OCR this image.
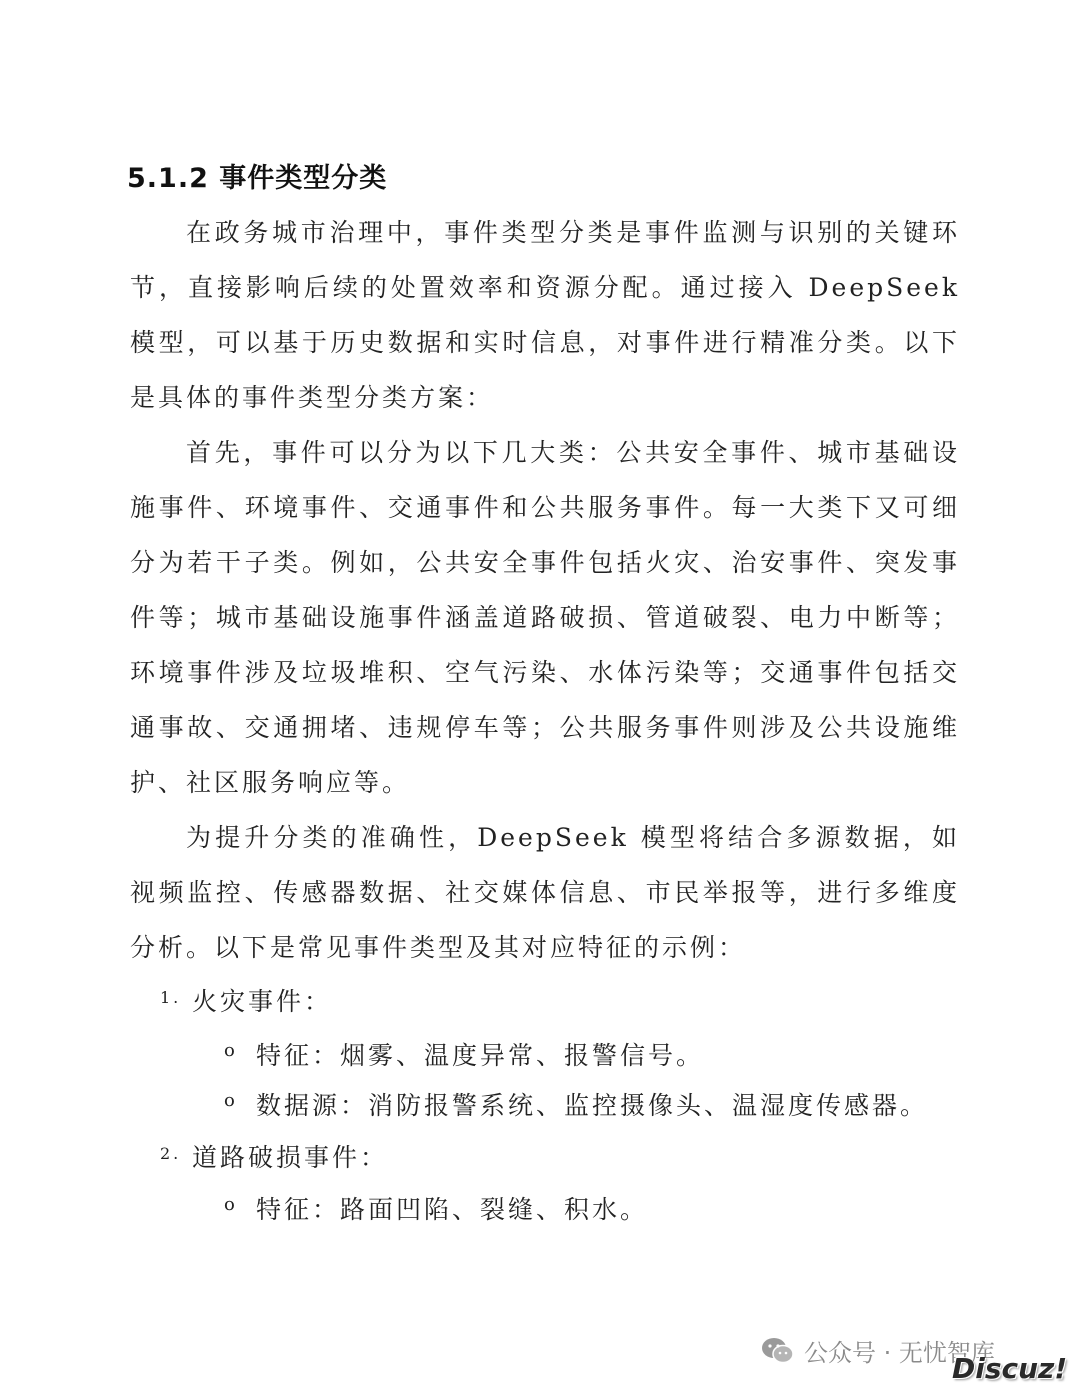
5.1.2 事件类型分类

在政务城市治理中，事件类型分类是事件监测与识别的关键环节，直接影响后续的处置效率和资源分配。通过接入 DeepSeek 模型，可以基于历史数据和实时信息，对事件进行精准分类。以下是具体的事件类型分类方案：

首先，事件可以分为以下几大类：公共安全事件、城市基础设施事件、环境事件、交通事件和公共服务事件。每一大类下又可细分为若干子类。例如，公共安全事件包括火灾、治安事件、突发事件等；城市基础设施事件涵盖道路破损、管道破裂、电力中断等；环境事件涉及垃圾堆积、空气污染、水体污染等；交通事件包括交通事故、交通拥堵、违规停车等；公共服务事件则涉及公共设施维护、社区服务响应等。

为提升分类的准确性，DeepSeek 模型将结合多源数据，如视频监控、传感器数据、社交媒体信息、市民举报等，进行多维度分析。以下是常见事件类型及其对应特征的示例：

1. 火灾事件：
o 特征：烟雾、温度异常、报警信号。
o 数据源：消防报警系统、监控摄像头、温湿度传感器。
2. 道路破损事件：
o 特征：路面凹陷、裂缝、积水。
公众号 · 无忧智库
Discuz!
